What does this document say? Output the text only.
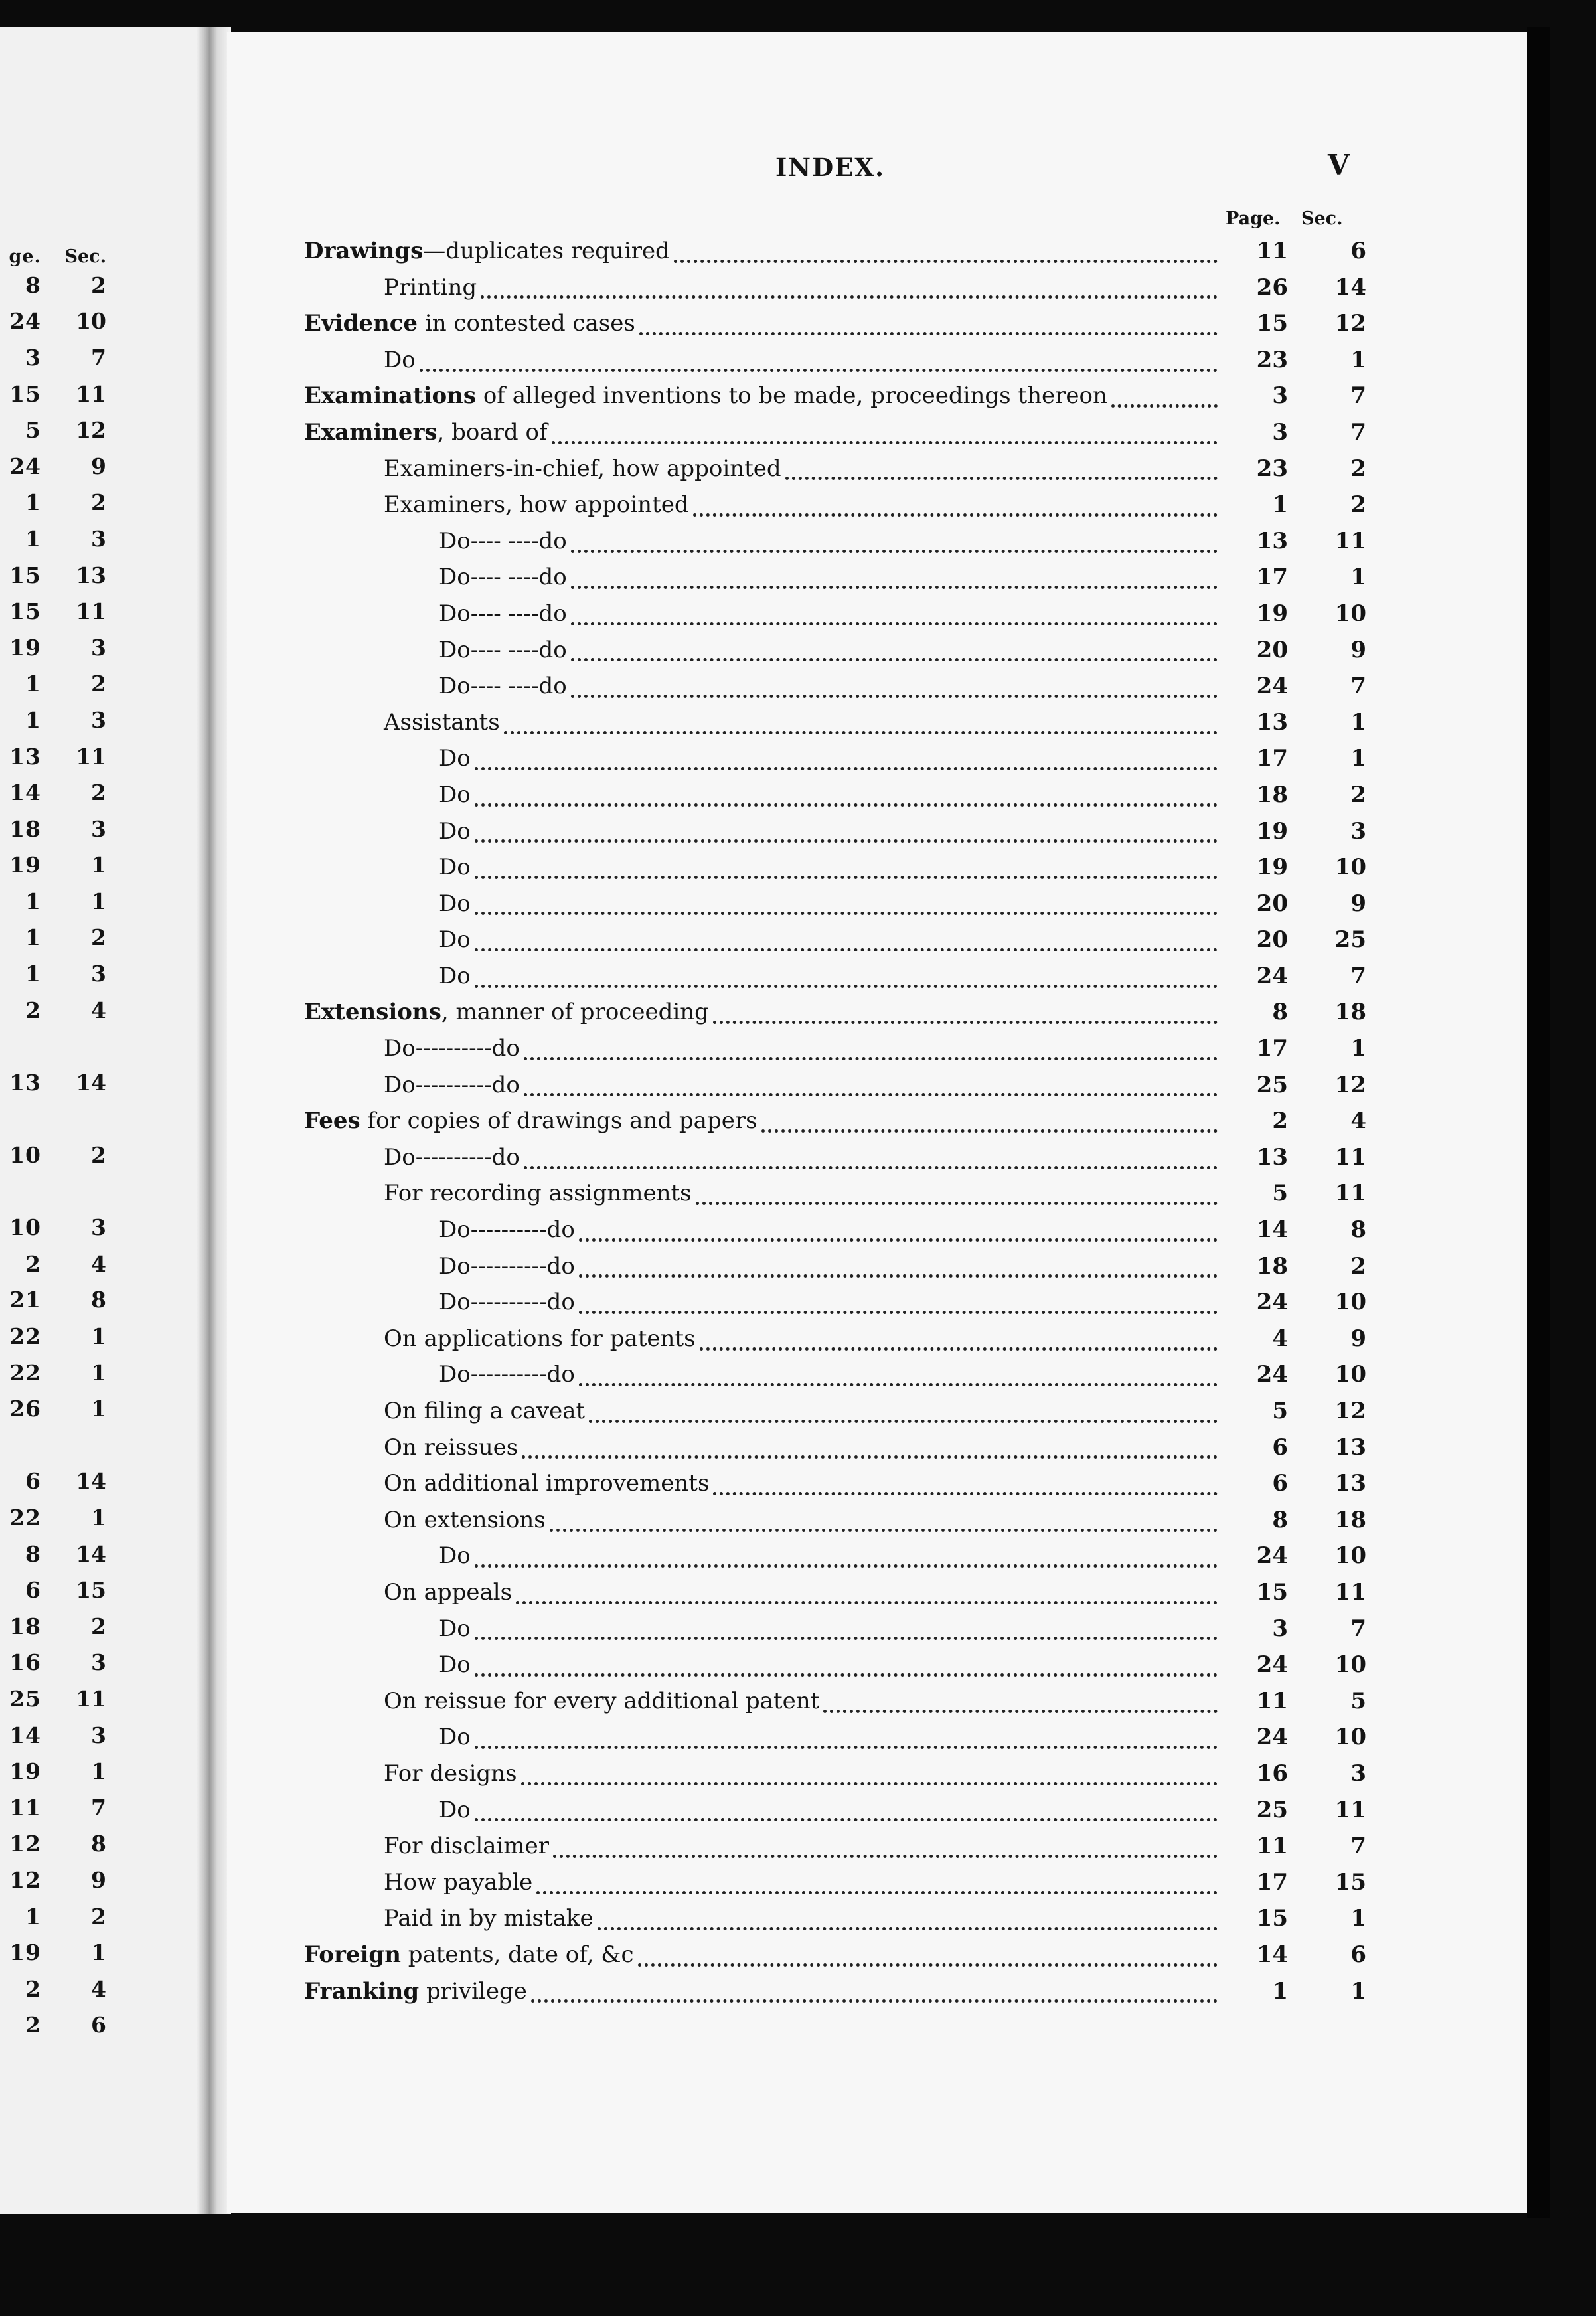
ge.	Sec.
8	2
24	10
3	7
15	11
5	12
24	9
1	2
1	3
15	13
15	11
19	3
1	2
1	3
13	11
14	2
18	3
19	1
1	1
1	2
1	3
2	4
13	14
10	2
10	3
2	4
21	8
22	1
22	1
26	1
6	14
22	1
8	14
6	15
18	2
16	3
25	11
14	3
19	1
11	7
12	8
12	9
1	2
19	1
2	4
2	6
INDEX.	V
Page. Sec.
Drawings—duplicates required	11	6
Printing	26	14
Evidence in contested cases	15	12
Do	23	1
Examinations of alleged inventions to be made, proceedings thereon	3	7
Examiners, board of	3	7
Examiners-in-chief, how appointed	23	2
Examiners, how appointed	1	2
Do---- ----do	13	11
Do---- ----do	17	1
Do---- ----do	19	10
Do---- ----do	20	9
Do---- ----do	24	7
Assistants	13	1
Do	17	1
Do	18	2
Do	19	3
Do	19	10
Do	20	9
Do	20	25
Do	24	7
Extensions, manner of proceeding	8	18
Do----------do	17	1
Do----------do	25	12
Fees for copies of drawings and papers	2	4
Do----------do	13	11
For recording assignments	5	11
Do----------do	14	8
Do----------do	18	2
Do----------do	24	10
On applications for patents	4	9
Do----------do	24	10
On filing a caveat	5	12
On reissues	6	13
On additional improvements	6	13
On extensions	8	18
Do	24	10
On appeals	15	11
Do	3	7
Do	24	10
On reissue for every additional patent	11	5
Do	24	10
For designs	16	3
Do	25	11
For disclaimer	11	7
How payable	17	15
Paid in by mistake	15	1
Foreign patents, date of, &c	14	6
Franking privilege	1	1
